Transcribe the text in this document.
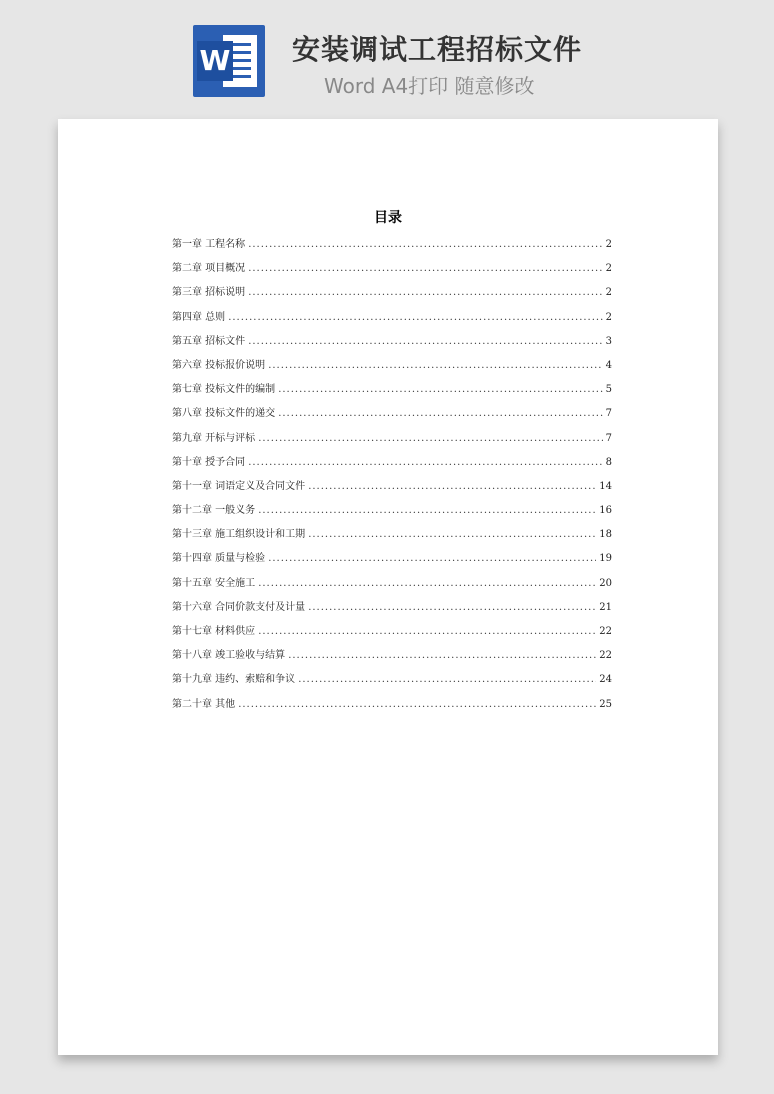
W 安装调试工程招标文件
Word A4打印 随意修改
目录
第一章 工程名称 .....	2
第二章 项目概况 .....	2
第三章 招标说明 .....	2
第四章 总则 .....	2
第五章 招标文件 .....	3
第六章 投标报价说明 .....	4
第七章 投标文件的编制 .....	5
第八章 投标文件的递交 .....	7
第九章 开标与评标 .....	7
第十章 授予合同 .....	8
第十一章 词语定义及合同文件 .....	14
第十二章 一般义务 .....	16
第十三章 施工组织设计和工期 .....	18
第十四章 质量与检验 .....	19
第十五章 安全施工 .....	20
第十六章 合同价款支付及计量 .....	21
第十七章 材料供应 .....	22
第十八章 竣工验收与结算 .....	22
第十九章 违约、索赔和争议 .....	24
第二十章 其他 .....	25
